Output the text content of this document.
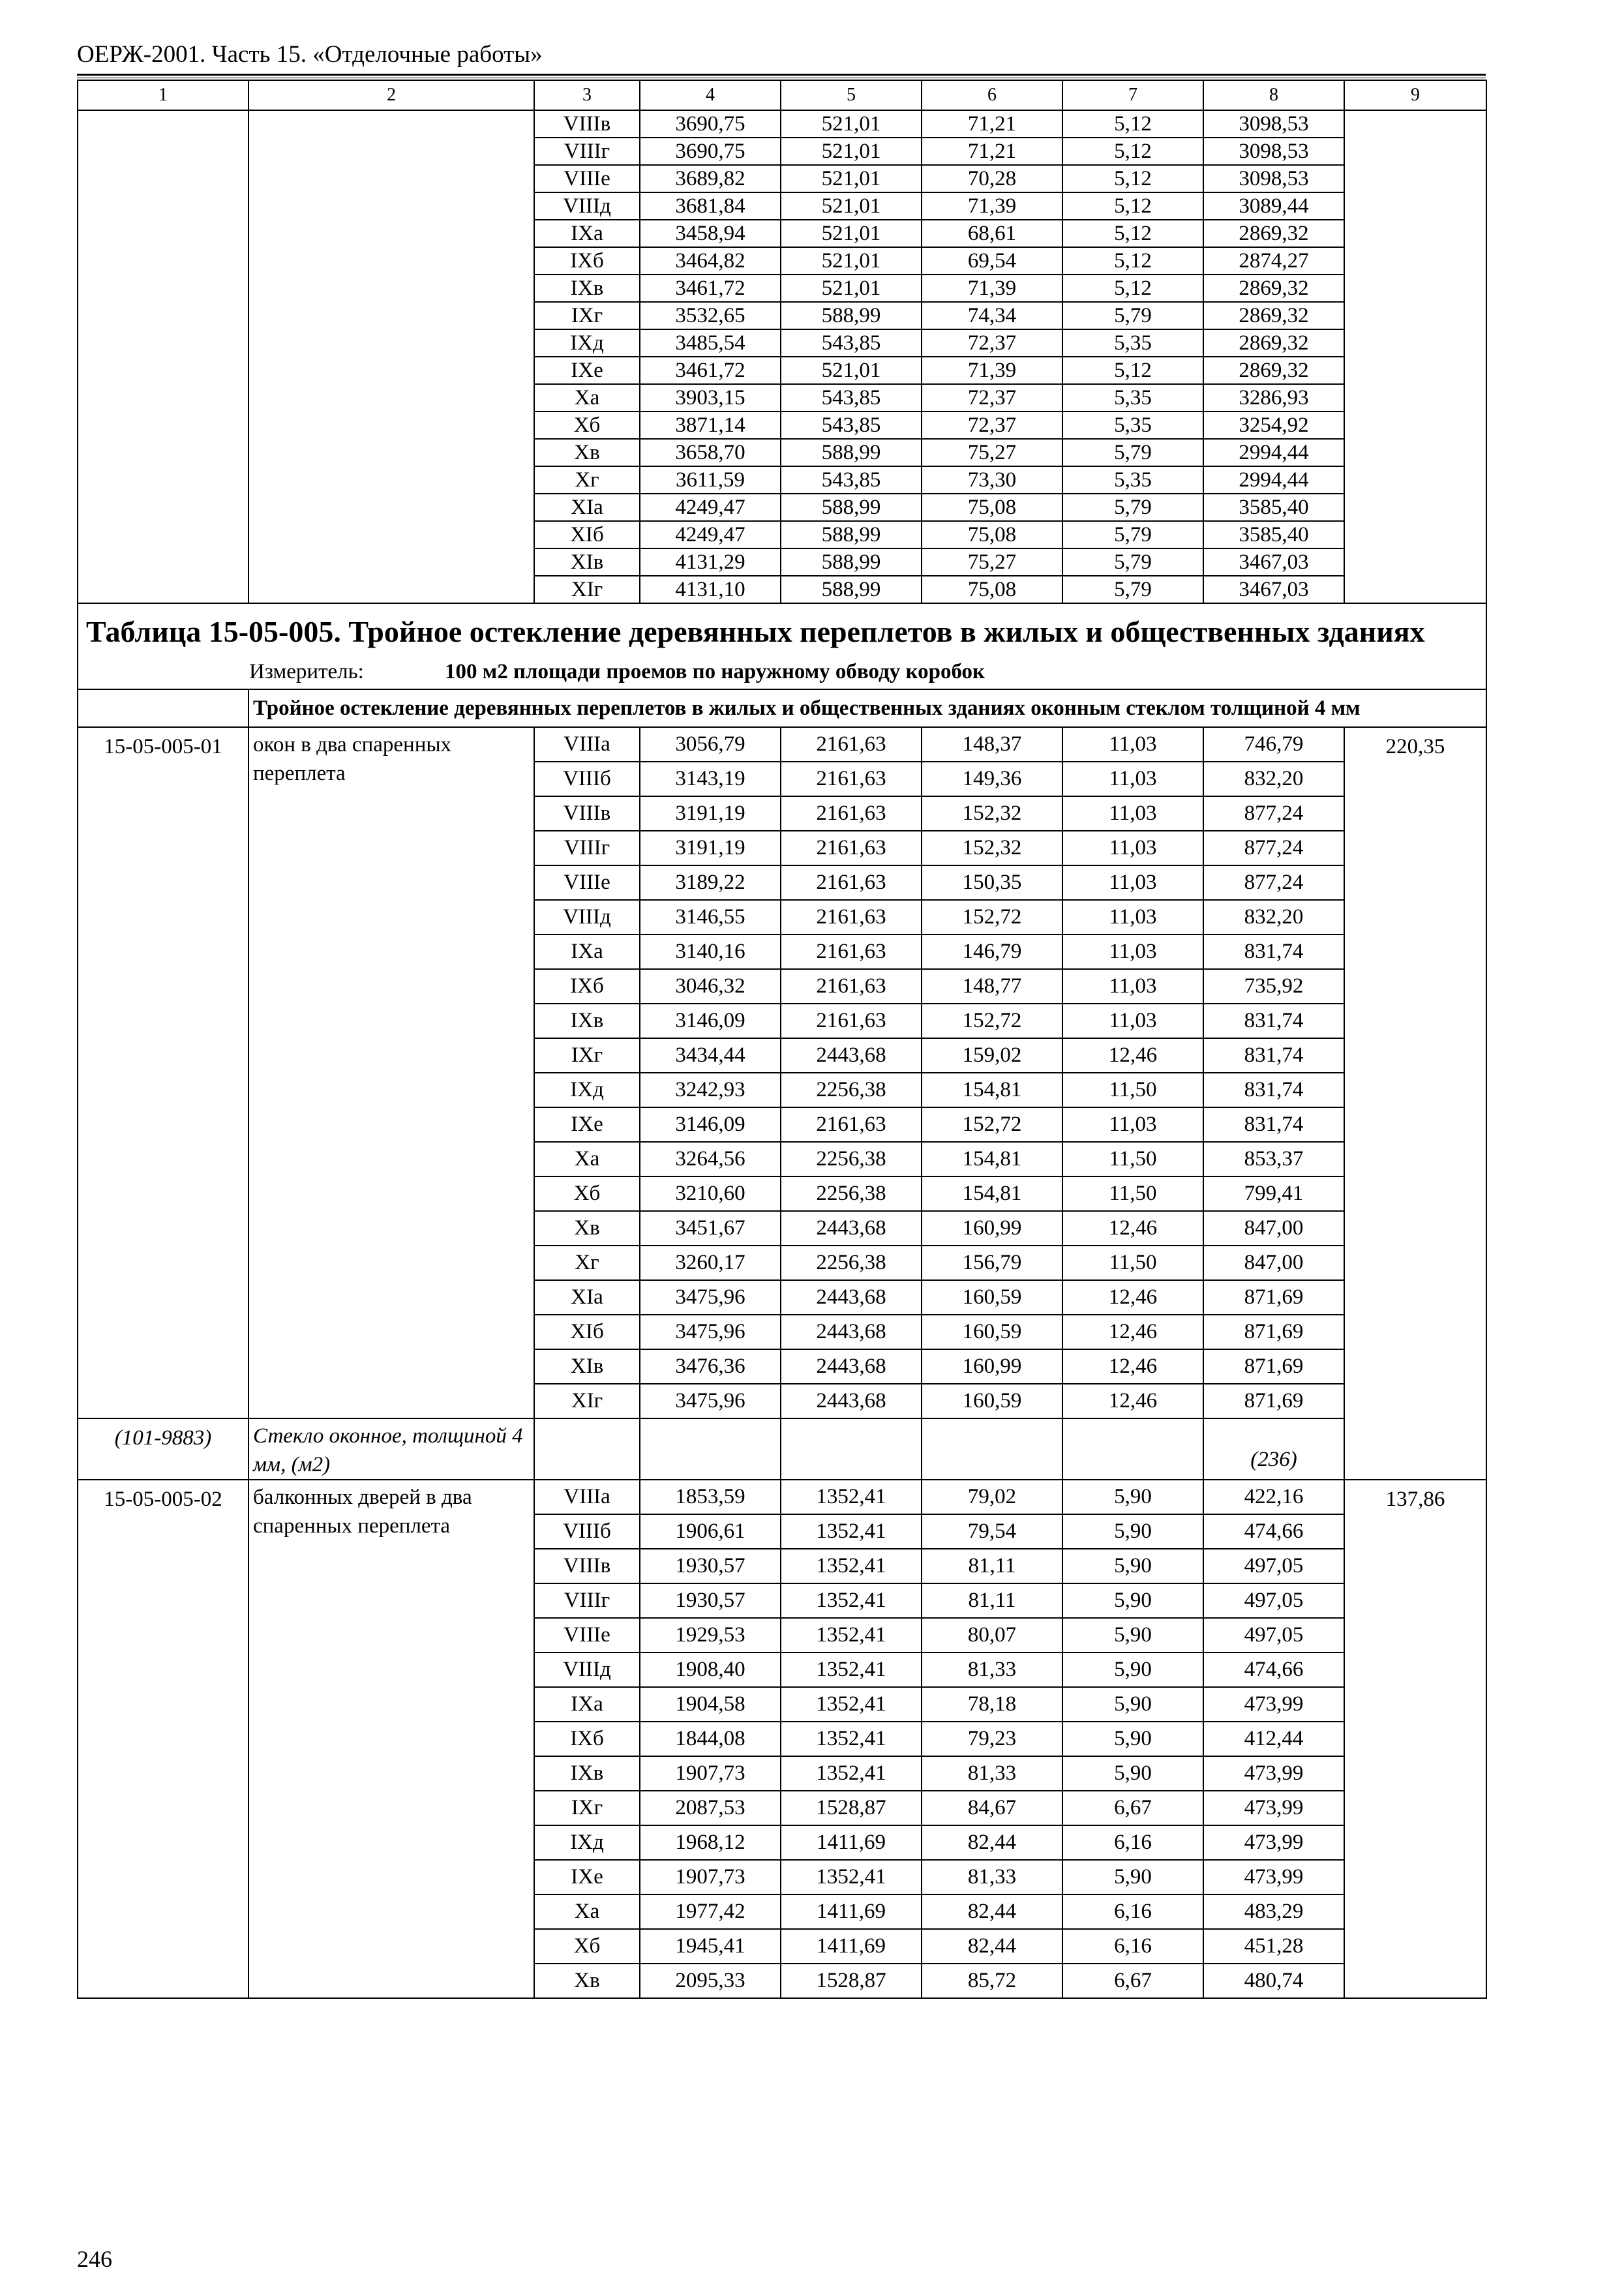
ОЕРЖ-2001. Часть 15. «Отделочные работы»
1	2	3	4	5	6	7	8	9
		VIIIв	3690,75	521,01	71,21	5,12	3098,53	
		VIIIг	3690,75	521,01	71,21	5,12	3098,53	
		VIIIе	3689,82	521,01	70,28	5,12	3098,53	
		VIIIд	3681,84	521,01	71,39	5,12	3089,44	
		IXа	3458,94	521,01	68,61	5,12	2869,32	
		IXб	3464,82	521,01	69,54	5,12	2874,27	
		IXв	3461,72	521,01	71,39	5,12	2869,32	
		IXг	3532,65	588,99	74,34	5,79	2869,32	
		IXд	3485,54	543,85	72,37	5,35	2869,32	
		IXе	3461,72	521,01	71,39	5,12	2869,32	
		Xа	3903,15	543,85	72,37	5,35	3286,93	
		Xб	3871,14	543,85	72,37	5,35	3254,92	
		Xв	3658,70	588,99	75,27	5,79	2994,44	
		Xг	3611,59	543,85	73,30	5,35	2994,44	
		XIа	4249,47	588,99	75,08	5,79	3585,40	
		XIб	4249,47	588,99	75,08	5,79	3585,40	
		XIв	4131,29	588,99	75,27	5,79	3467,03	
		XIг	4131,10	588,99	75,08	5,79	3467,03	

Таблица 15-05-005. Тройное остекление деревянных переплетов в жилых и общественных зданиях
Измеритель: 100 м2 площади проемов по наружному обводу коробок								

	Тройное остекление деревянных переплетов в жилых и общественных зданиях оконным стеклом толщиной 4 мм							
15-05-005-01	окон в два спаренных переплета	VIIIа	3056,79	2161,63	148,37	11,03	746,79	220,35
		VIIIб	3143,19	2161,63	149,36	11,03	832,20	
		VIIIв	3191,19	2161,63	152,32	11,03	877,24	
		VIIIг	3191,19	2161,63	152,32	11,03	877,24	
		VIIIе	3189,22	2161,63	150,35	11,03	877,24	
		VIIIд	3146,55	2161,63	152,72	11,03	832,20	
		IXа	3140,16	2161,63	146,79	11,03	831,74	
		IXб	3046,32	2161,63	148,77	11,03	735,92	
		IXв	3146,09	2161,63	152,72	11,03	831,74	
		IXг	3434,44	2443,68	159,02	12,46	831,74	
		IXд	3242,93	2256,38	154,81	11,50	831,74	
		IXе	3146,09	2161,63	152,72	11,03	831,74	
		Xа	3264,56	2256,38	154,81	11,50	853,37	
		Xб	3210,60	2256,38	154,81	11,50	799,41	
		Xв	3451,67	2443,68	160,99	12,46	847,00	
		Xг	3260,17	2256,38	156,79	11,50	847,00	
		XIа	3475,96	2443,68	160,59	12,46	871,69	
		XIб	3475,96	2443,68	160,59	12,46	871,69	
		XIв	3476,36	2443,68	160,99	12,46	871,69	
		XIг	3475,96	2443,68	160,59	12,46	871,69	
(101-9883)	Стекло оконное, толщиной 4 мм, (м2)						(236)	
15-05-005-02	балконных дверей в два спаренных переплета	VIIIа	1853,59	1352,41	79,02	5,90	422,16	137,86
		VIIIб	1906,61	1352,41	79,54	5,90	474,66	
		VIIIв	1930,57	1352,41	81,11	5,90	497,05	
		VIIIг	1930,57	1352,41	81,11	5,90	497,05	
		VIIIе	1929,53	1352,41	80,07	5,90	497,05	
		VIIIд	1908,40	1352,41	81,33	5,90	474,66	
		IXа	1904,58	1352,41	78,18	5,90	473,99	
		IXб	1844,08	1352,41	79,23	5,90	412,44	
		IXв	1907,73	1352,41	81,33	5,90	473,99	
		IXг	2087,53	1528,87	84,67	6,67	473,99	
		IXд	1968,12	1411,69	82,44	6,16	473,99	
		IXе	1907,73	1352,41	81,33	5,90	473,99	
		Xа	1977,42	1411,69	82,44	6,16	483,29	
		Xб	1945,41	1411,69	82,44	6,16	451,28	
		Xв	2095,33	1528,87	85,72	6,67	480,74	
246
